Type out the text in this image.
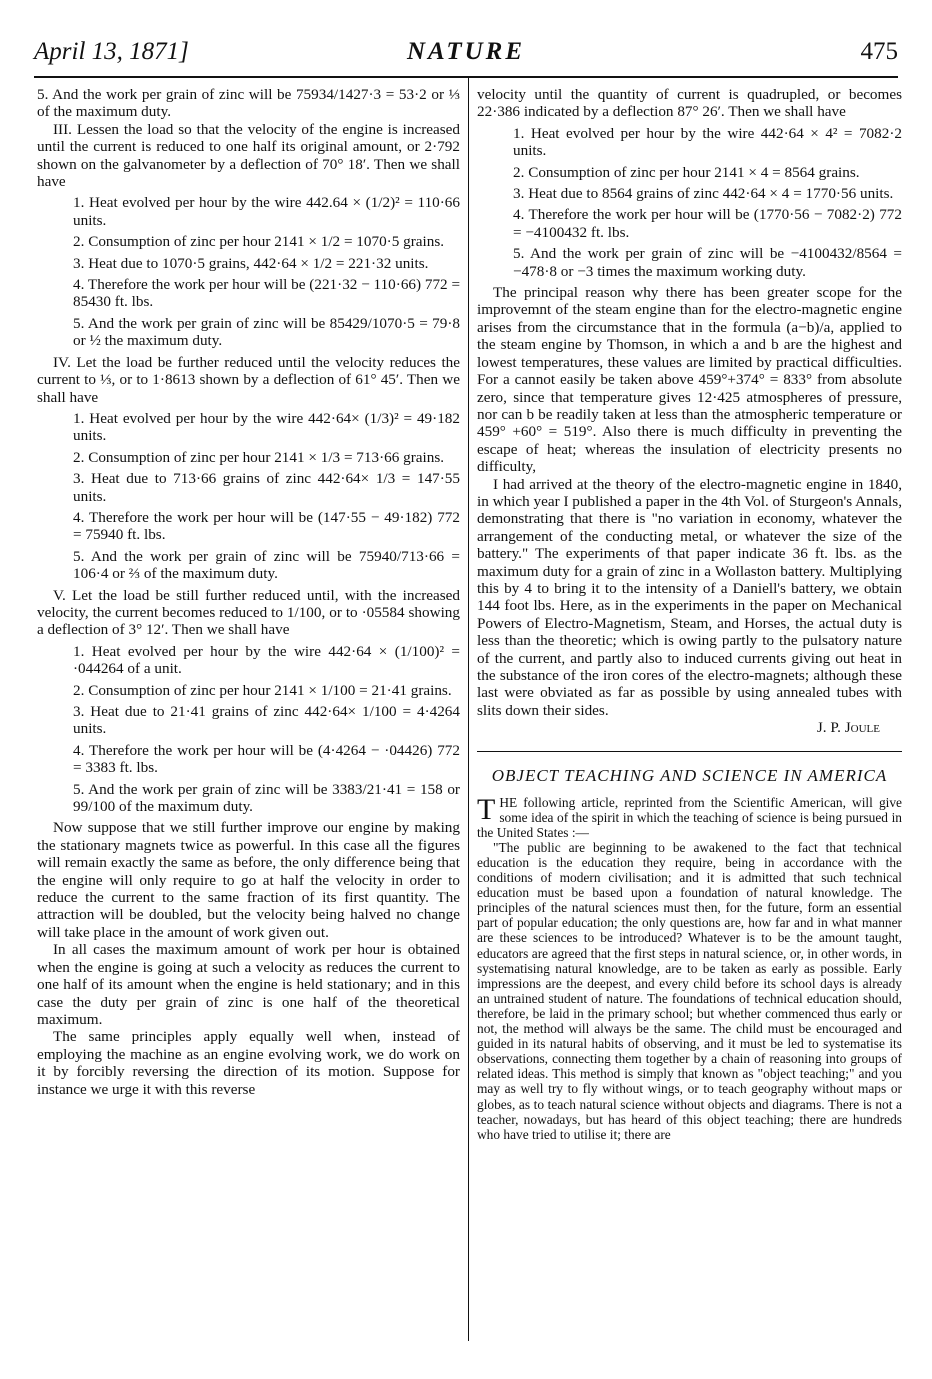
April 13, 1871]	NATURE	475

5. And the work per grain of zinc will be 75934/1427·3 = 53·2 or ⅓ of the maximum duty.

III. Lessen the load so that the velocity of the engine is increased until the current is reduced to one half its original amount, or 2·792 shown on the galvanometer by a deflection of 70° 18′. Then we shall have

1. Heat evolved per hour by the wire 442.64 × (1/2)² = 110·66 units.

2. Consumption of zinc per hour 2141 × 1/2 = 1070·5 grains.

3. Heat due to 1070·5 grains, 442·64 × 1/2 = 221·32 units.

4. Therefore the work per hour will be (221·32 − 110·66) 772 = 85430 ft. lbs.

5. And the work per grain of zinc will be 85429/1070·5 = 79·8 or ½ the maximum duty.

IV. Let the load be further reduced until the velocity reduces the current to ⅓, or to 1·8613 shown by a deflection of 61° 45′. Then we shall have

1. Heat evolved per hour by the wire 442·64× (1/3)² = 49·182 units.

2. Consumption of zinc per hour 2141 × 1/3 = 713·66 grains.

3. Heat due to 713·66 grains of zinc 442·64× 1/3 = 147·55 units.

4. Therefore the work per hour will be (147·55 − 49·182) 772 = 75940 ft. lbs.

5. And the work per grain of zinc will be 75940/713·66 = 106·4 or ⅔ of the maximum duty.

V. Let the load be still further reduced until, with the increased velocity, the current becomes reduced to 1/100, or to ·05584 showing a deflection of 3° 12′. Then we shall have

1. Heat evolved per hour by the wire 442·64 × (1/100)² = ·044264 of a unit.

2. Consumption of zinc per hour 2141 × 1/100 = 21·41 grains.

3. Heat due to 21·41 grains of zinc 442·64× 1/100 = 4·4264 units.

4. Therefore the work per hour will be (4·4264 − ·04426) 772 = 3383 ft. lbs.

5. And the work per grain of zinc will be 3383/21·41 = 158 or 99/100 of the maximum duty.

Now suppose that we still further improve our engine by making the stationary magnets twice as powerful. In this case all the figures will remain exactly the same as before, the only difference being that the engine will only require to go at half the velocity in order to reduce the current to the same fraction of its first quantity. The attraction will be doubled, but the velocity being halved no change will take place in the amount of work given out.

In all cases the maximum amount of work per hour is obtained when the engine is going at such a velocity as reduces the current to one half of its amount when the engine is held stationary; and in this case the duty per grain of zinc is one half of the theoretical maximum.

The same principles apply equally well when, instead of employing the machine as an engine evolving work, we do work on it by forcibly reversing the direction of its motion. Suppose for instance we urge it with this reverse

velocity until the quantity of current is quadrupled, or becomes 22·386 indicated by a deflection 87° 26′. Then we shall have

1. Heat evolved per hour by the wire 442·64 × 4² = 7082·2 units.

2. Consumption of zinc per hour 2141 × 4 = 8564 grains.

3. Heat due to 8564 grains of zinc 442·64 × 4 = 1770·56 units.

4. Therefore the work per hour will be (1770·56 − 7082·2) 772 = −4100432 ft. lbs.

5. And the work per grain of zinc will be −4100432/8564 = −478·8 or −3 times the maximum working duty.

The principal reason why there has been greater scope for the improvemnt of the steam engine than for the electro-magnetic engine arises from the circumstance that in the formula (a−b)/a, applied to the steam engine by Thomson, in which a and b are the highest and lowest temperatures, these values are limited by practical difficulties. For a cannot easily be taken above 459°+374° = 833° from absolute zero, since that temperature gives 12·425 atmospheres of pressure, nor can b be readily taken at less than the atmospheric temperature or 459° +60° = 519°. Also there is much difficulty in preventing the escape of heat; whereas the insulation of electricity presents no difficulty,

I had arrived at the theory of the electro-magnetic engine in 1840, in which year I published a paper in the 4th Vol. of Sturgeon's Annals, demonstrating that there is "no variation in economy, whatever the arrangement of the conducting metal, or whatever the size of the battery." The experiments of that paper indicate 36 ft. lbs. as the maximum duty for a grain of zinc in a Wollaston battery. Multiplying this by 4 to bring it to the intensity of a Daniell's battery, we obtain 144 foot lbs. Here, as in the experiments in the paper on Mechanical Powers of Electro-Magnetism, Steam, and Horses, the actual duty is less than the theoretic; which is owing partly to the pulsatory nature of the current, and partly also to induced currents giving out heat in the substance of the iron cores of the electro-magnets; although these last were obviated as far as possible by using annealed tubes with slits down their sides.

J. P. Joule

OBJECT TEACHING AND SCIENCE IN AMERICA

THE following article, reprinted from the Scientific American, will give some idea of the spirit in which the teaching of science is being pursued in the United States :—

"The public are beginning to be awakened to the fact that technical education is the education they require, being in accordance with the conditions of modern civilisation; and it is admitted that such technical education must be based upon a foundation of natural knowledge. The principles of the natural sciences must then, for the future, form an essential part of popular education; the only questions are, how far and in what manner are these sciences to be introduced? Whatever is to be the amount taught, educators are agreed that the first steps in natural science, or, in other words, in systematising natural knowledge, are to be taken as early as possible. Early impressions are the deepest, and every child before its school days is already an untrained student of nature. The foundations of technical education should, therefore, be laid in the primary school; but whether commenced thus early or not, the method will always be the same. The child must be encouraged and guided in its natural habits of observing, and it must be led to systematise its observations, connecting them together by a chain of reasoning into groups of related ideas. This method is simply that known as "object teaching;" and you may as well try to fly without wings, or to teach geography without maps or globes, as to teach natural science without objects and diagrams. There is not a teacher, nowadays, but has heard of this object teaching; there are hundreds who have tried to utilise it; there are
